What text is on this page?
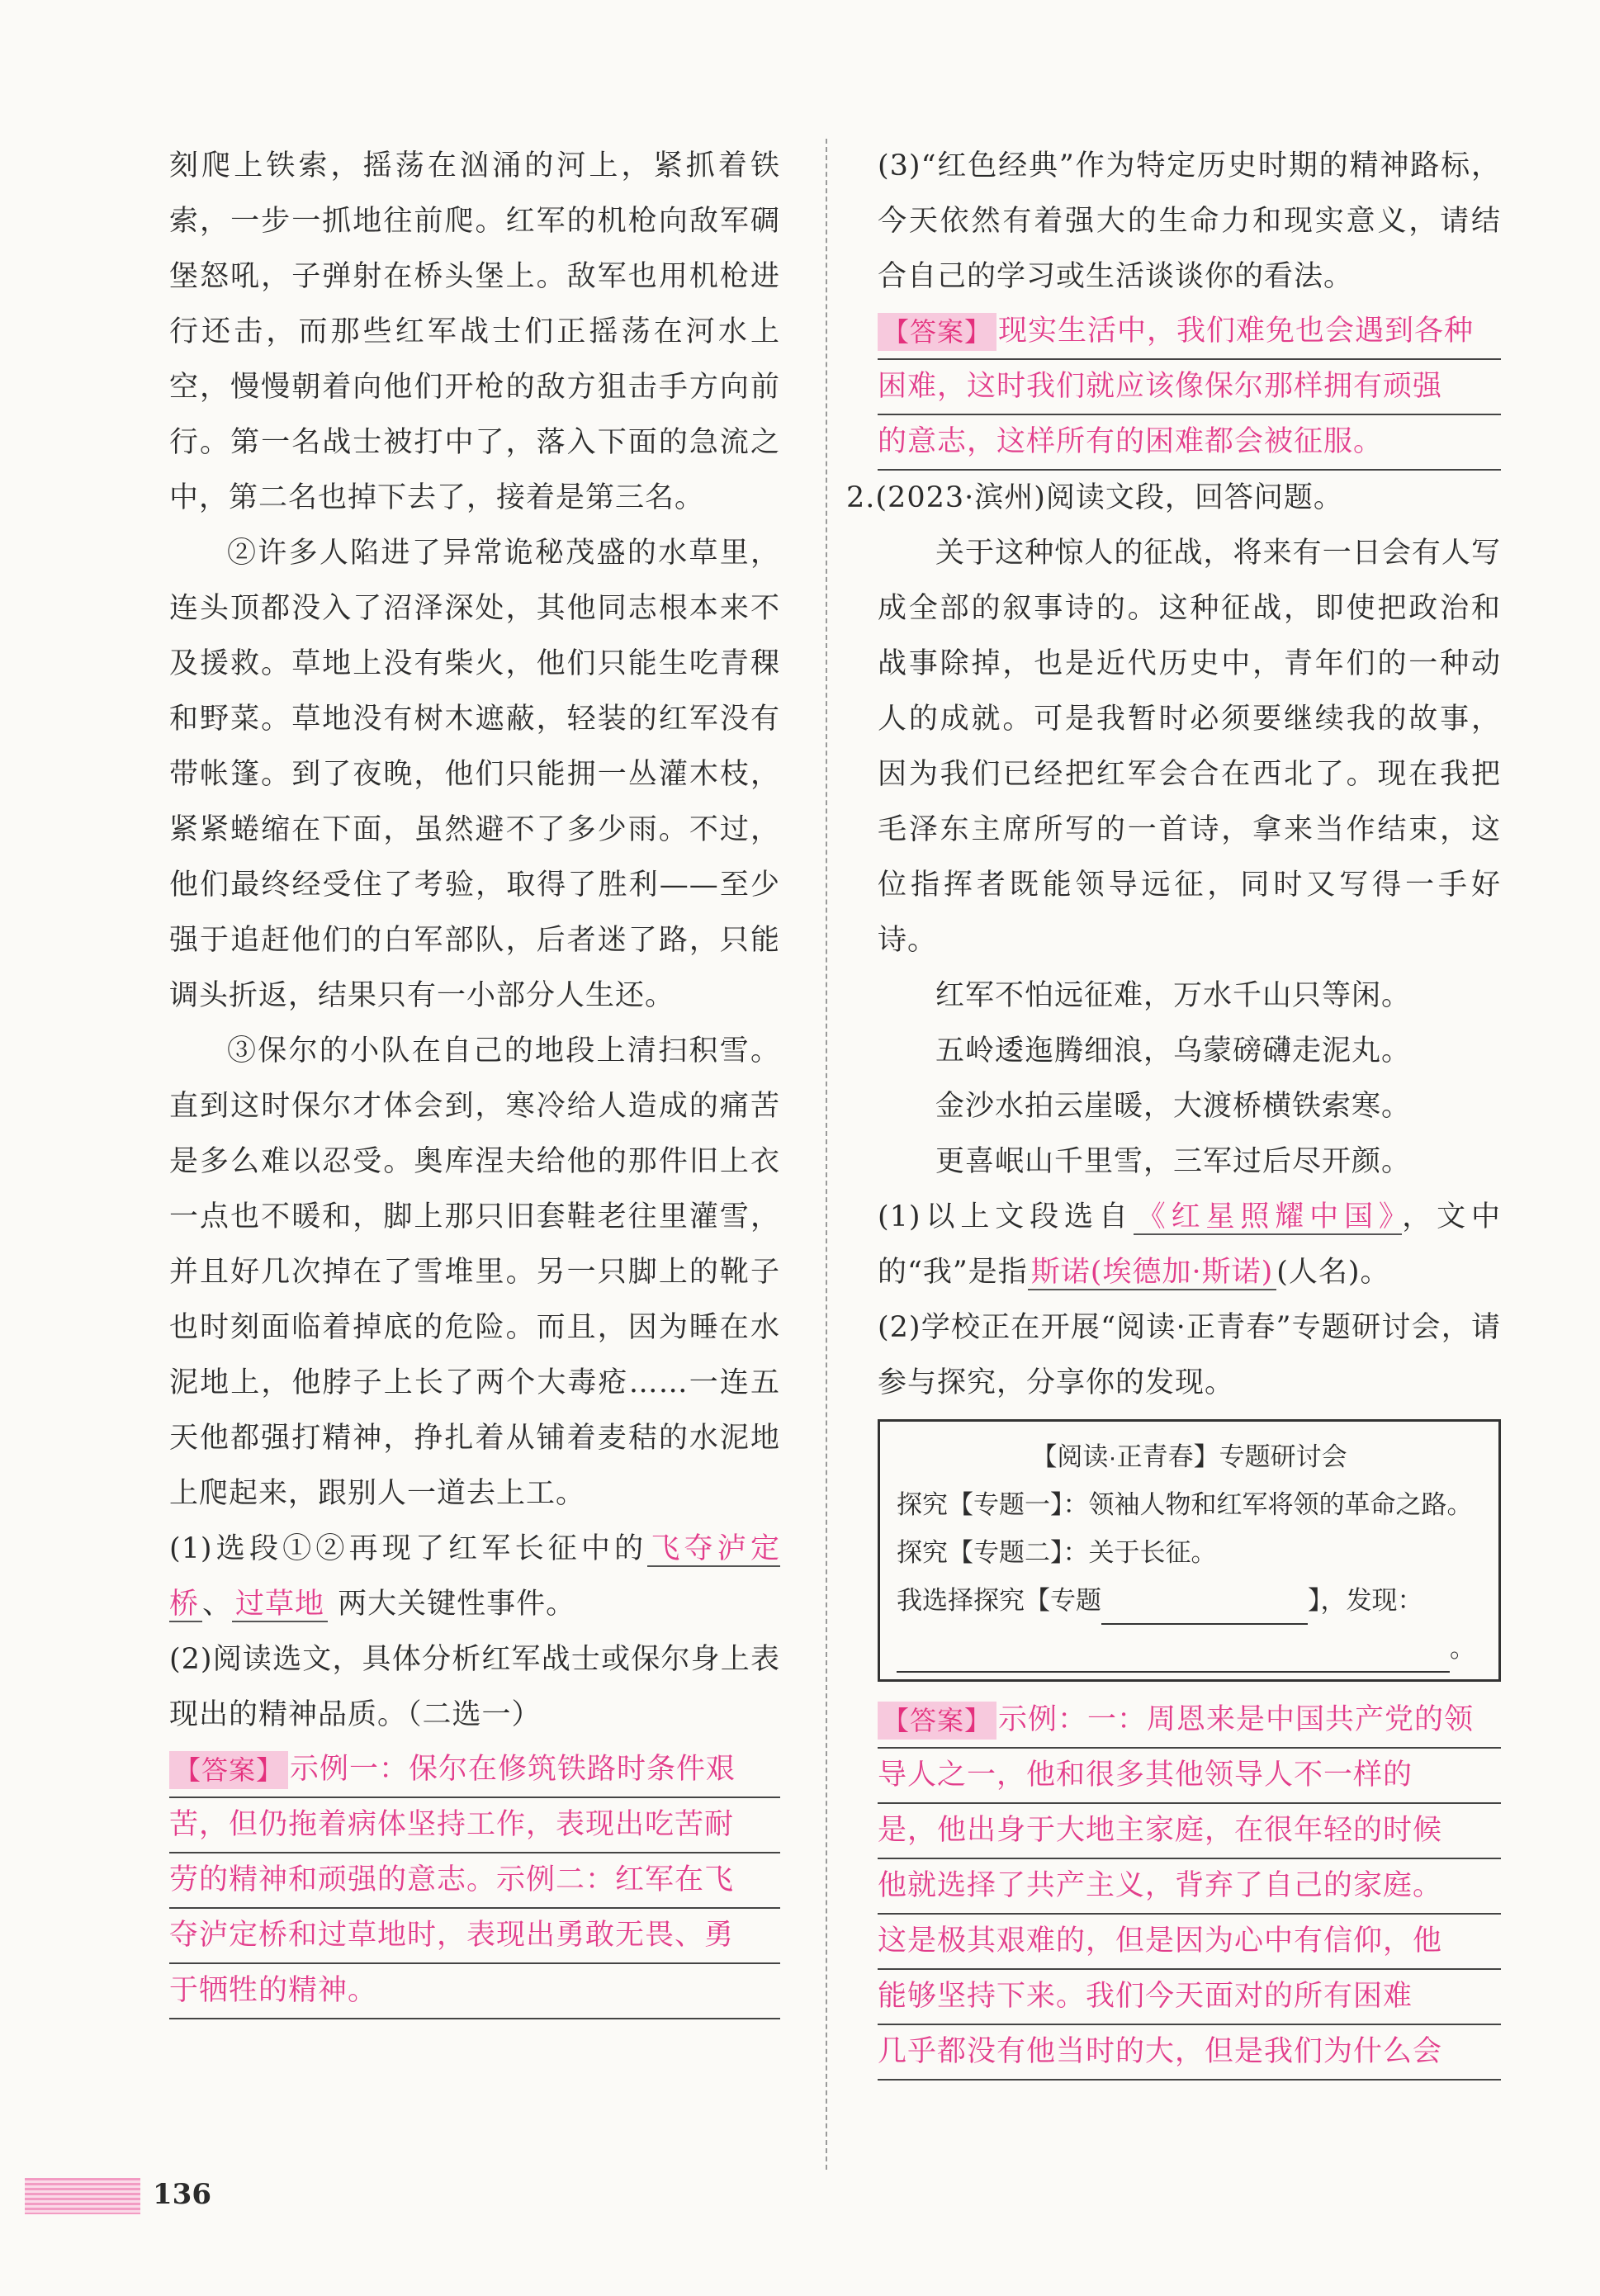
刻爬上铁索，摇荡在汹涌的河上，紧抓着铁索，一步一抓地往前爬。红军的机枪向敌军碉堡怒吼，子弹射在桥头堡上。敌军也用机枪进行还击，而那些红军战士们正摇荡在河水上空，慢慢朝着向他们开枪的敌方狙击手方向前行。第一名战士被打中了，落入下面的急流之中，第二名也掉下去了，接着是第三名。

②许多人陷进了异常诡秘茂盛的水草里，连头顶都没入了沼泽深处，其他同志根本来不及援救。草地上没有柴火，他们只能生吃青稞和野菜。草地没有树木遮蔽，轻装的红军没有带帐篷。到了夜晚，他们只能拥一丛灌木枝，紧紧蜷缩在下面，虽然避不了多少雨。不过，他们最终经受住了考验，取得了胜利——至少强于追赶他们的白军部队，后者迷了路，只能调头折返，结果只有一小部分人生还。

③保尔的小队在自己的地段上清扫积雪。直到这时保尔才体会到，寒冷给人造成的痛苦是多么难以忍受。奥库涅夫给他的那件旧上衣一点也不暖和，脚上那只旧套鞋老往里灌雪，并且好几次掉在了雪堆里。另一只脚上的靴子也时刻面临着掉底的危险。而且，因为睡在水泥地上，他脖子上长了两个大毒疮……一连五天他都强打精神，挣扎着从铺着麦秸的水泥地上爬起来，跟别人一道去上工。

(1)选段①②再现了红军长征中的 飞夺泸定桥 、 过草地 两大关键性事件。

(2)阅读选文，具体分析红军战士或保尔身上表现出的精神品质。（二选一）

【答案】 示例一：保尔在修筑铁路时条件艰

苦，但仍拖着病体坚持工作，表现出吃苦耐

劳的精神和顽强的意志。示例二：红军在飞

夺泸定桥和过草地时，表现出勇敢无畏、勇

于牺牲的精神。

(3)“红色经典”作为特定历史时期的精神路标，今天依然有着强大的生命力和现实意义，请结合自己的学习或生活谈谈你的看法。

【答案】 现实生活中，我们难免也会遇到各种

困难，这时我们就应该像保尔那样拥有顽强

的意志，这样所有的困难都会被征服。

2.(2023·滨州)阅读文段，回答问题。

关于这种惊人的征战，将来有一日会有人写成全部的叙事诗的。这种征战，即使把政治和战事除掉，也是近代历史中，青年们的一种动人的成就。可是我暂时必须要继续我的故事，因为我们已经把红军会合在西北了。现在我把毛泽东主席所写的一首诗，拿来当作结束，这位指挥者既能领导远征，同时又写得一手好诗。

红军不怕远征难，万水千山只等闲。

五岭逶迤腾细浪，乌蒙磅礴走泥丸。

金沙水拍云崖暖，大渡桥横铁索寒。

更喜岷山千里雪，三军过后尽开颜。

(1)以上文段选自 《红星照耀中国》 ，文中的“我”是指 斯诺(埃德加·斯诺) (人名)。

(2)学校正在开展“阅读·正青春”专题研讨会，请参与探究，分享你的发现。

【阅读·正青春】专题研讨会
探究【专题一】：领袖人物和红军将领的革命之路。
探究【专题二】：关于长征。
我选择探究【专题	】，发现：
。

【答案】 示例：一：周恩来是中国共产党的领

导人之一，他和很多其他领导人不一样的

是，他出身于大地主家庭，在很年轻的时候

他就选择了共产主义，背弃了自己的家庭。

这是极其艰难的，但是因为心中有信仰，他

能够坚持下来。我们今天面对的所有困难

几乎都没有他当时的大，但是我们为什么会

136
